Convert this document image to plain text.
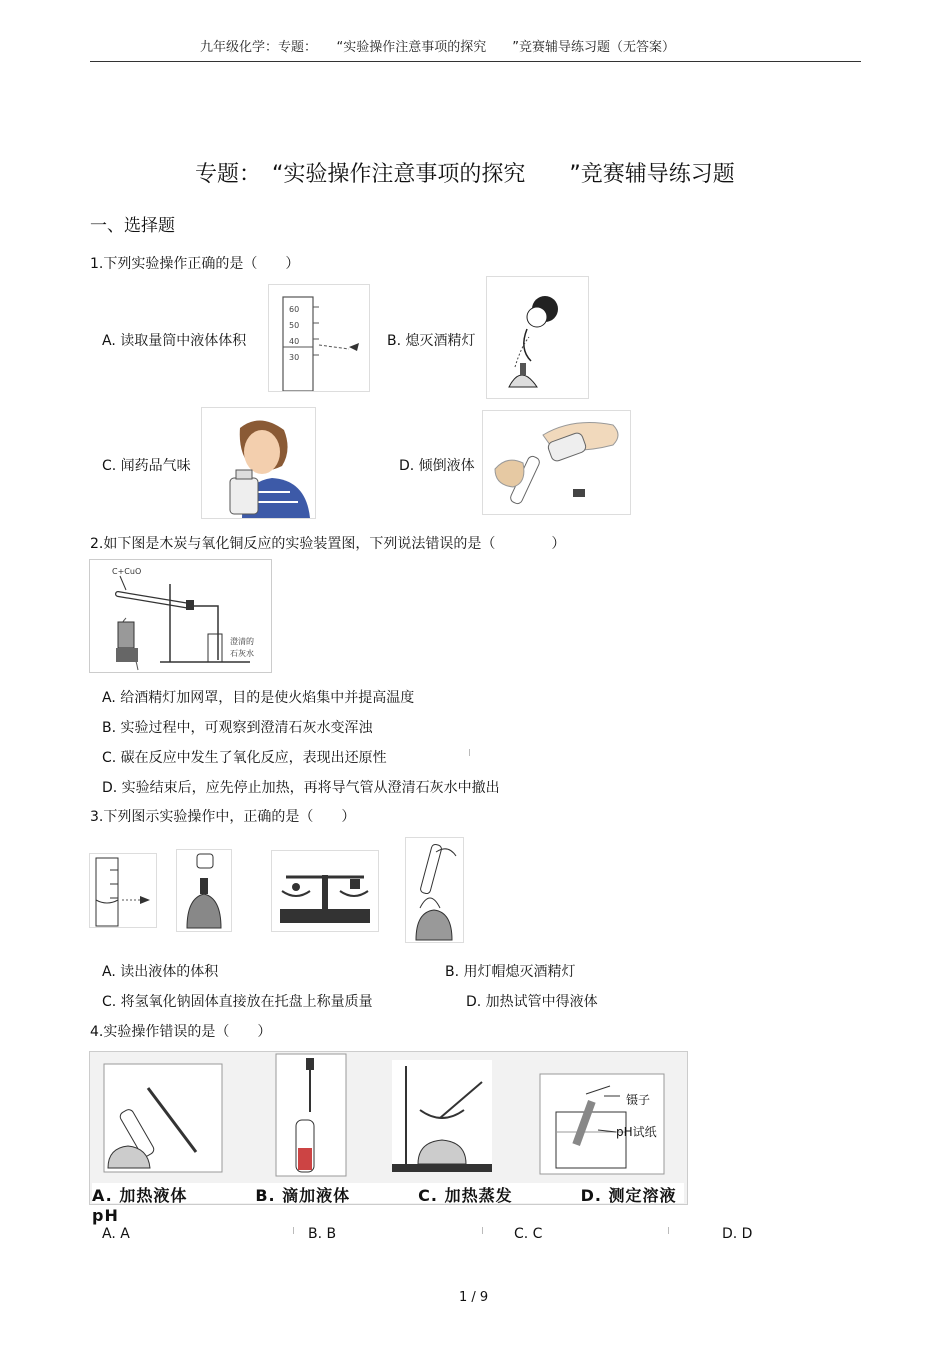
九年级化学：专题：　　“实验操作注意事项的探究　　”竞赛辅导练习题（无答案）
专题：　“实验操作注意事项的探究　　”竞赛辅导练习题
一、选择题
1.下列实验操作正确的是（　　）
A. 读取量筒中液体体积
60
50
40
30
B. 熄灭酒精灯
C. 闻药品气味	D. 倾倒液体
2.如下图是木炭与氧化铜反应的实验装置图，下列说法错误的是（　　　　）
C+CuO
澄清的
石灰水
A. 给酒精灯加网罩，目的是使火焰集中并提高温度
B. 实验过程中，可观察到澄清石灰水变浑浊
C. 碳在反应中发生了氧化反应，表现出还原性
D. 实验结束后，应先停止加热，再将导气管从澄清石灰水中撤出
3.下列图示实验操作中，正确的是（　　）
A. 读出液体的体积	B. 用灯帽熄灭酒精灯
C. 将氢氧化钠固体直接放在托盘上称量质量	D. 加热试管中得液体
4.实验操作错误的是（　　）
镊子
pH试纸
A. 加热液体　　　　B. 滴加液体　　　　C. 加热蒸发　　　　D. 测定溶液 pH
A. A	B. B	C. C	D. D
1 / 9
